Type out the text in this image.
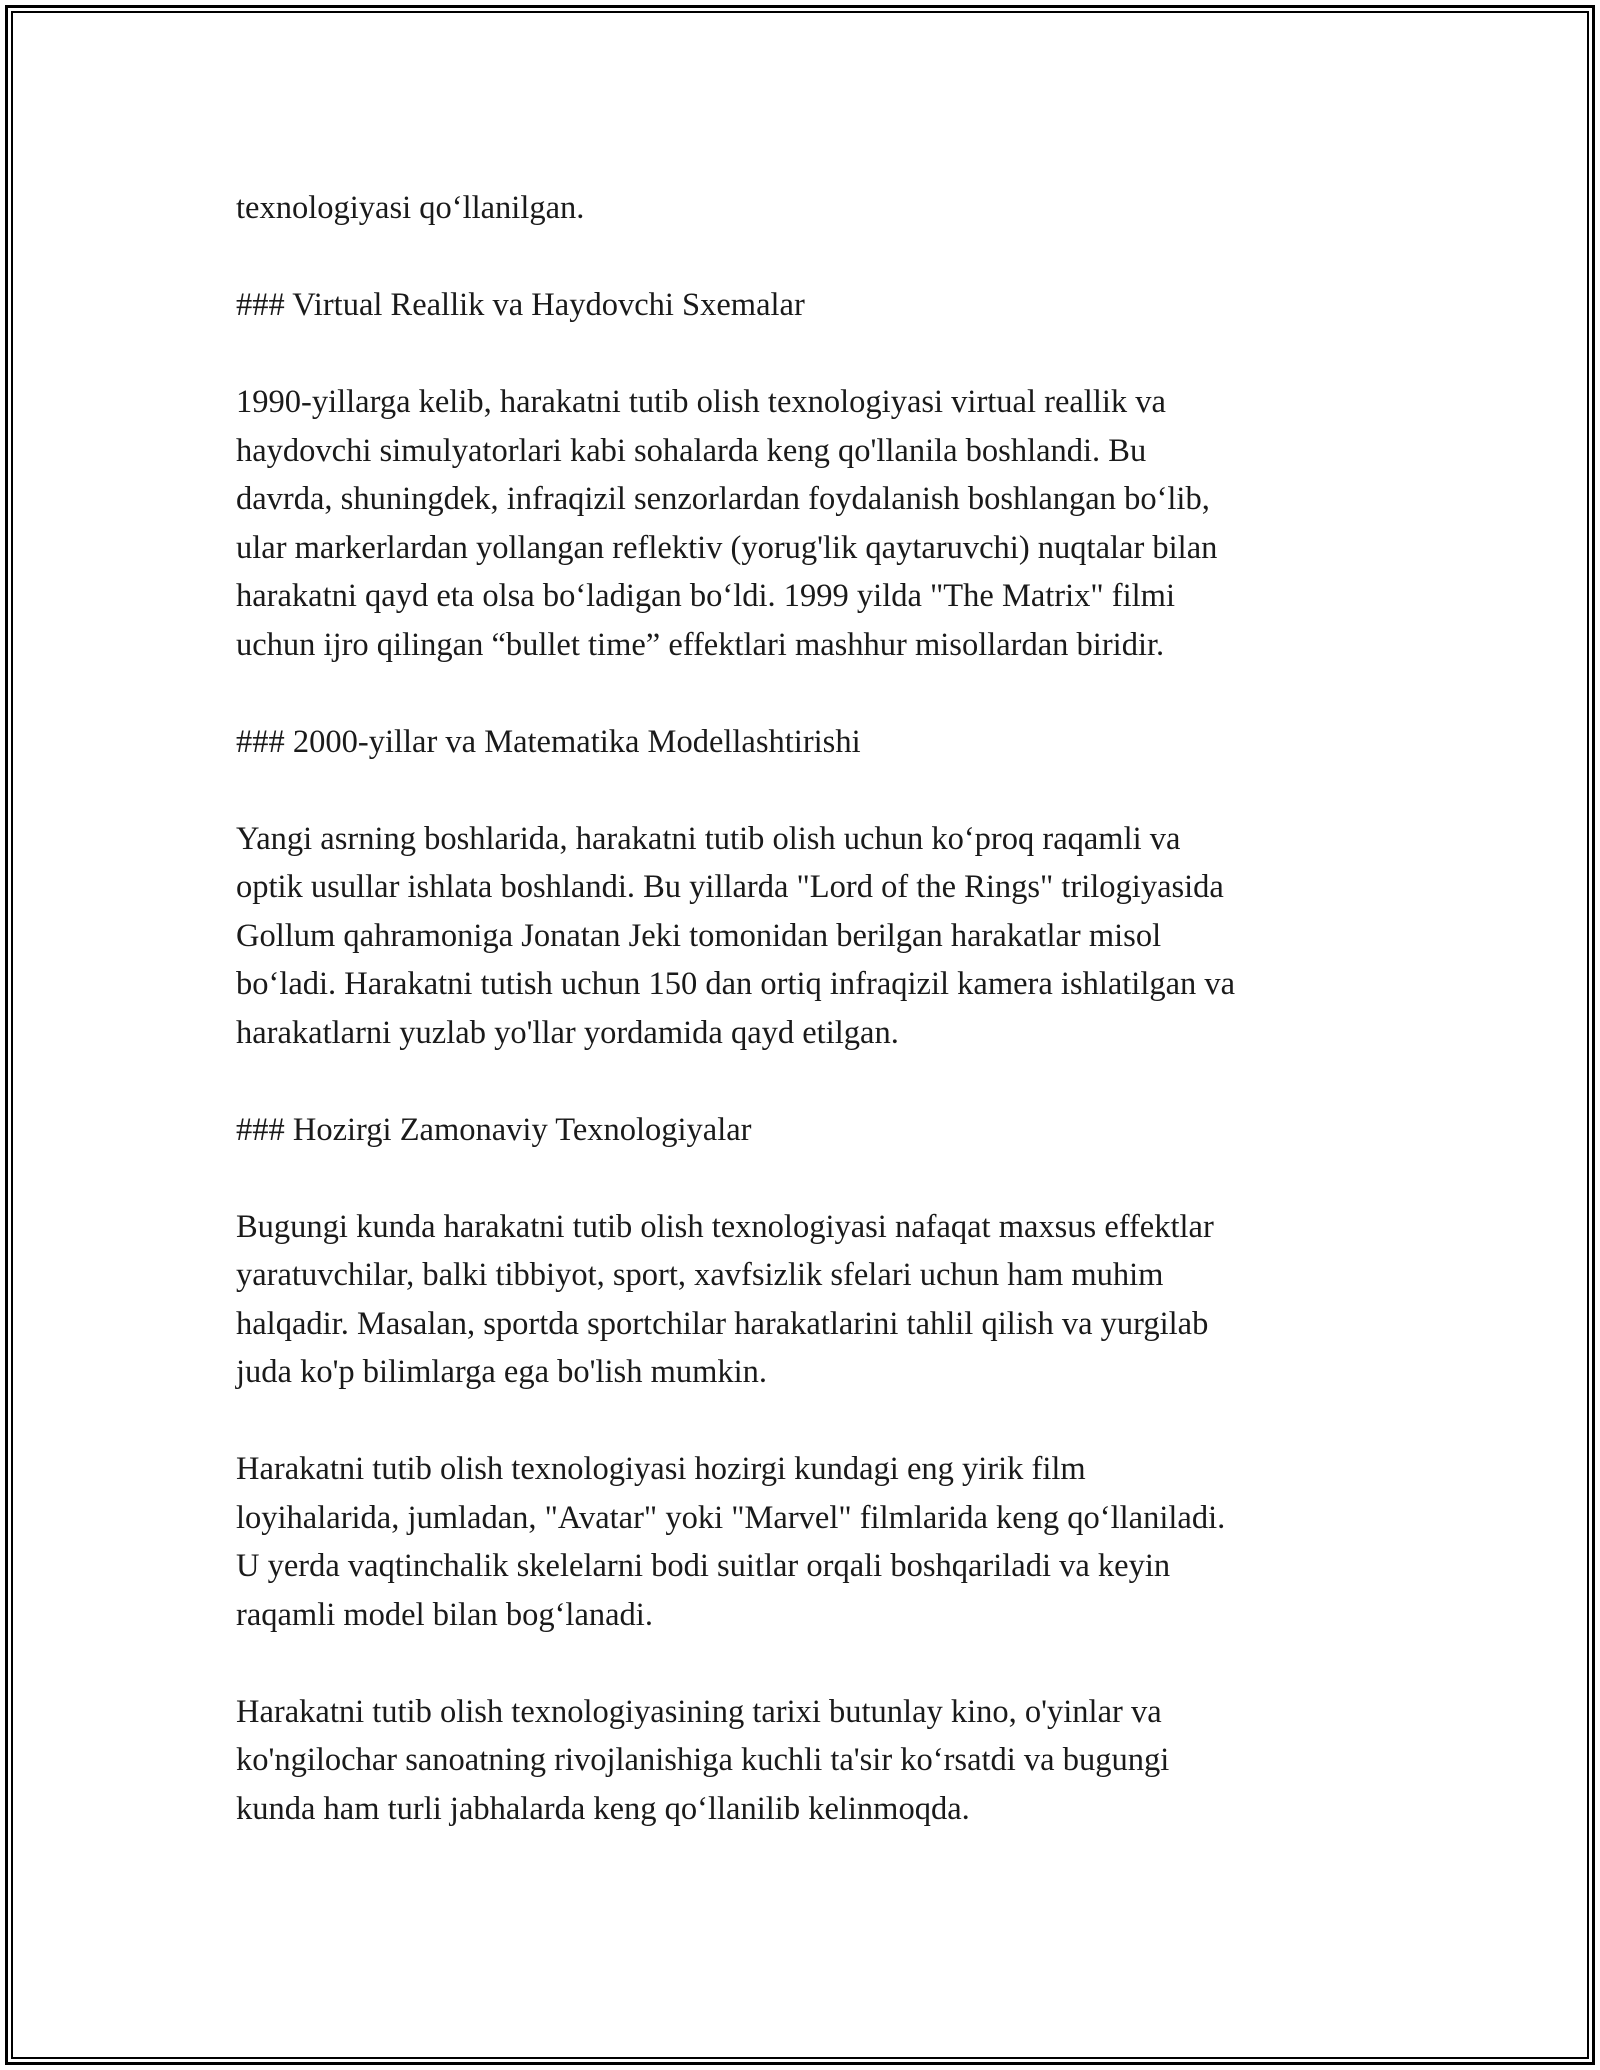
texnologiyasi qo‘llanilgan.
### Virtual Reallik va Haydovchi Sxemalar
1990-yillarga kelib, harakatni tutib olish texnologiyasi virtual reallik va
haydovchi simulyatorlari kabi sohalarda keng qo'llanila boshlandi. Bu
davrda, shuningdek, infraqizil senzorlardan foydalanish boshlangan bo‘lib,
ular markerlardan yollangan reflektiv (yorug'lik qaytaruvchi) nuqtalar bilan
harakatni qayd eta olsa bo‘ladigan bo‘ldi. 1999 yilda "The Matrix" filmi
uchun ijro qilingan “bullet time” effektlari mashhur misollardan biridir.
### 2000-yillar va Matematika Modellashtirishi
Yangi asrning boshlarida, harakatni tutib olish uchun ko‘proq raqamli va
optik usullar ishlata boshlandi. Bu yillarda "Lord of the Rings" trilogiyasida
Gollum qahramoniga Jonatan Jeki tomonidan berilgan harakatlar misol
bo‘ladi. Harakatni tutish uchun 150 dan ortiq infraqizil kamera ishlatilgan va
harakatlarni yuzlab yo'llar yordamida qayd etilgan.
### Hozirgi Zamonaviy Texnologiyalar
Bugungi kunda harakatni tutib olish texnologiyasi nafaqat maxsus effektlar
yaratuvchilar, balki tibbiyot, sport, xavfsizlik sfelari uchun ham muhim
halqadir. Masalan, sportda sportchilar harakatlarini tahlil qilish va yurgilab
juda ko'p bilimlarga ega bo'lish mumkin.
Harakatni tutib olish texnologiyasi hozirgi kundagi eng yirik film
loyihalarida, jumladan, "Avatar" yoki "Marvel" filmlarida keng qo‘llaniladi.
U yerda vaqtinchalik skelelarni bodi suitlar orqali boshqariladi va keyin
raqamli model bilan bog‘lanadi.
Harakatni tutib olish texnologiyasining tarixi butunlay kino, o'yinlar va
ko'ngilochar sanoatning rivojlanishiga kuchli ta'sir ko‘rsatdi va bugungi
kunda ham turli jabhalarda keng qo‘llanilib kelinmoqda.
